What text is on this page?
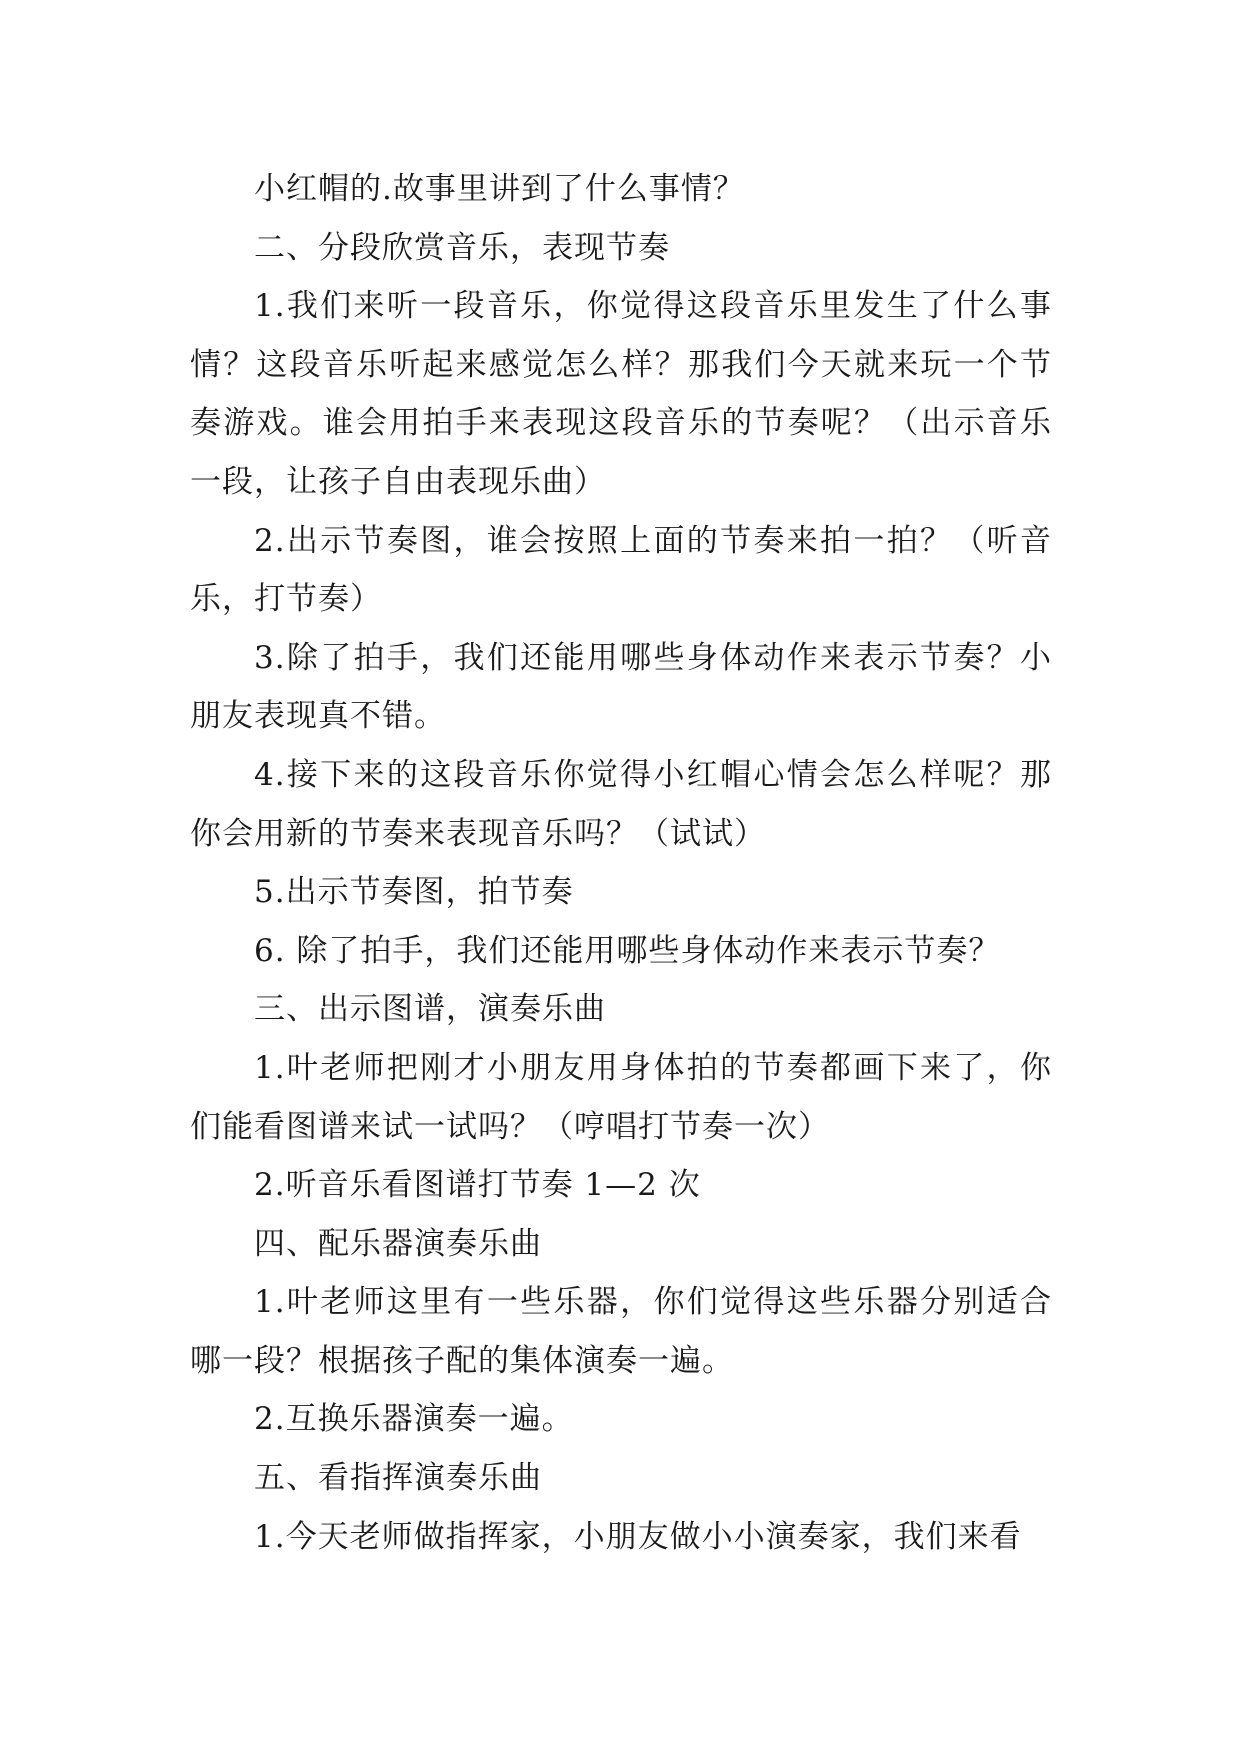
小红帽的.故事里讲到了什么事情？

二、分段欣赏音乐，表现节奏

1.我们来听一段音乐，你觉得这段音乐里发生了什么事情？这段音乐听起来感觉怎么样？那我们今天就来玩一个节奏游戏。谁会用拍手来表现这段音乐的节奏呢？（出示音乐一段，让孩子自由表现乐曲）

2.出示节奏图，谁会按照上面的节奏来拍一拍？（听音乐，打节奏）

3.除了拍手，我们还能用哪些身体动作来表示节奏？小朋友表现真不错。

4.接下来的这段音乐你觉得小红帽心情会怎么样呢？那你会用新的节奏来表现音乐吗？（试试）

5.出示节奏图，拍节奏

6. 除了拍手，我们还能用哪些身体动作来表示节奏？

三、出示图谱，演奏乐曲

1.叶老师把刚才小朋友用身体拍的节奏都画下来了，你们能看图谱来试一试吗？（哼唱打节奏一次）

2.听音乐看图谱打节奏 1—2 次

四、配乐器演奏乐曲

1.叶老师这里有一些乐器，你们觉得这些乐器分别适合哪一段？根据孩子配的集体演奏一遍。

2.互换乐器演奏一遍。

五、看指挥演奏乐曲

1.今天老师做指挥家，小朋友做小小演奏家，我们来看
